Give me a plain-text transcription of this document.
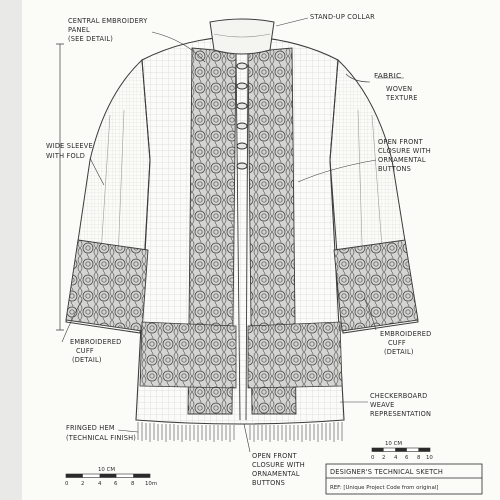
CENTRAL EMBROIDERY
PANEL
(SEE DETAIL)
STAND-UP COLLAR
FABRIC
WOVEN
TEXTURE
WIDE SLEEVE
WITH FOLD
OPEN FRONT
CLOSURE WITH
ORNAMENTAL
BUTTONS
EMBROIDERED
CUFF
(DETAIL)
EMBROIDERED
CUFF
(DETAIL)
CHECKERBOARD
WEAVE
REPRESENTATION
FRINGED HEM
(TECHNICAL FINISH)
OPEN FRONT
CLOSURE WITH
ORNAMENTAL
BUTTONS
10 CM
0 2	4 6	8 10m
10 CM
0 2 4 6 8 10
DESIGNER'S TECHNICAL SKETCH
REF: [Unique Project Code from original]
